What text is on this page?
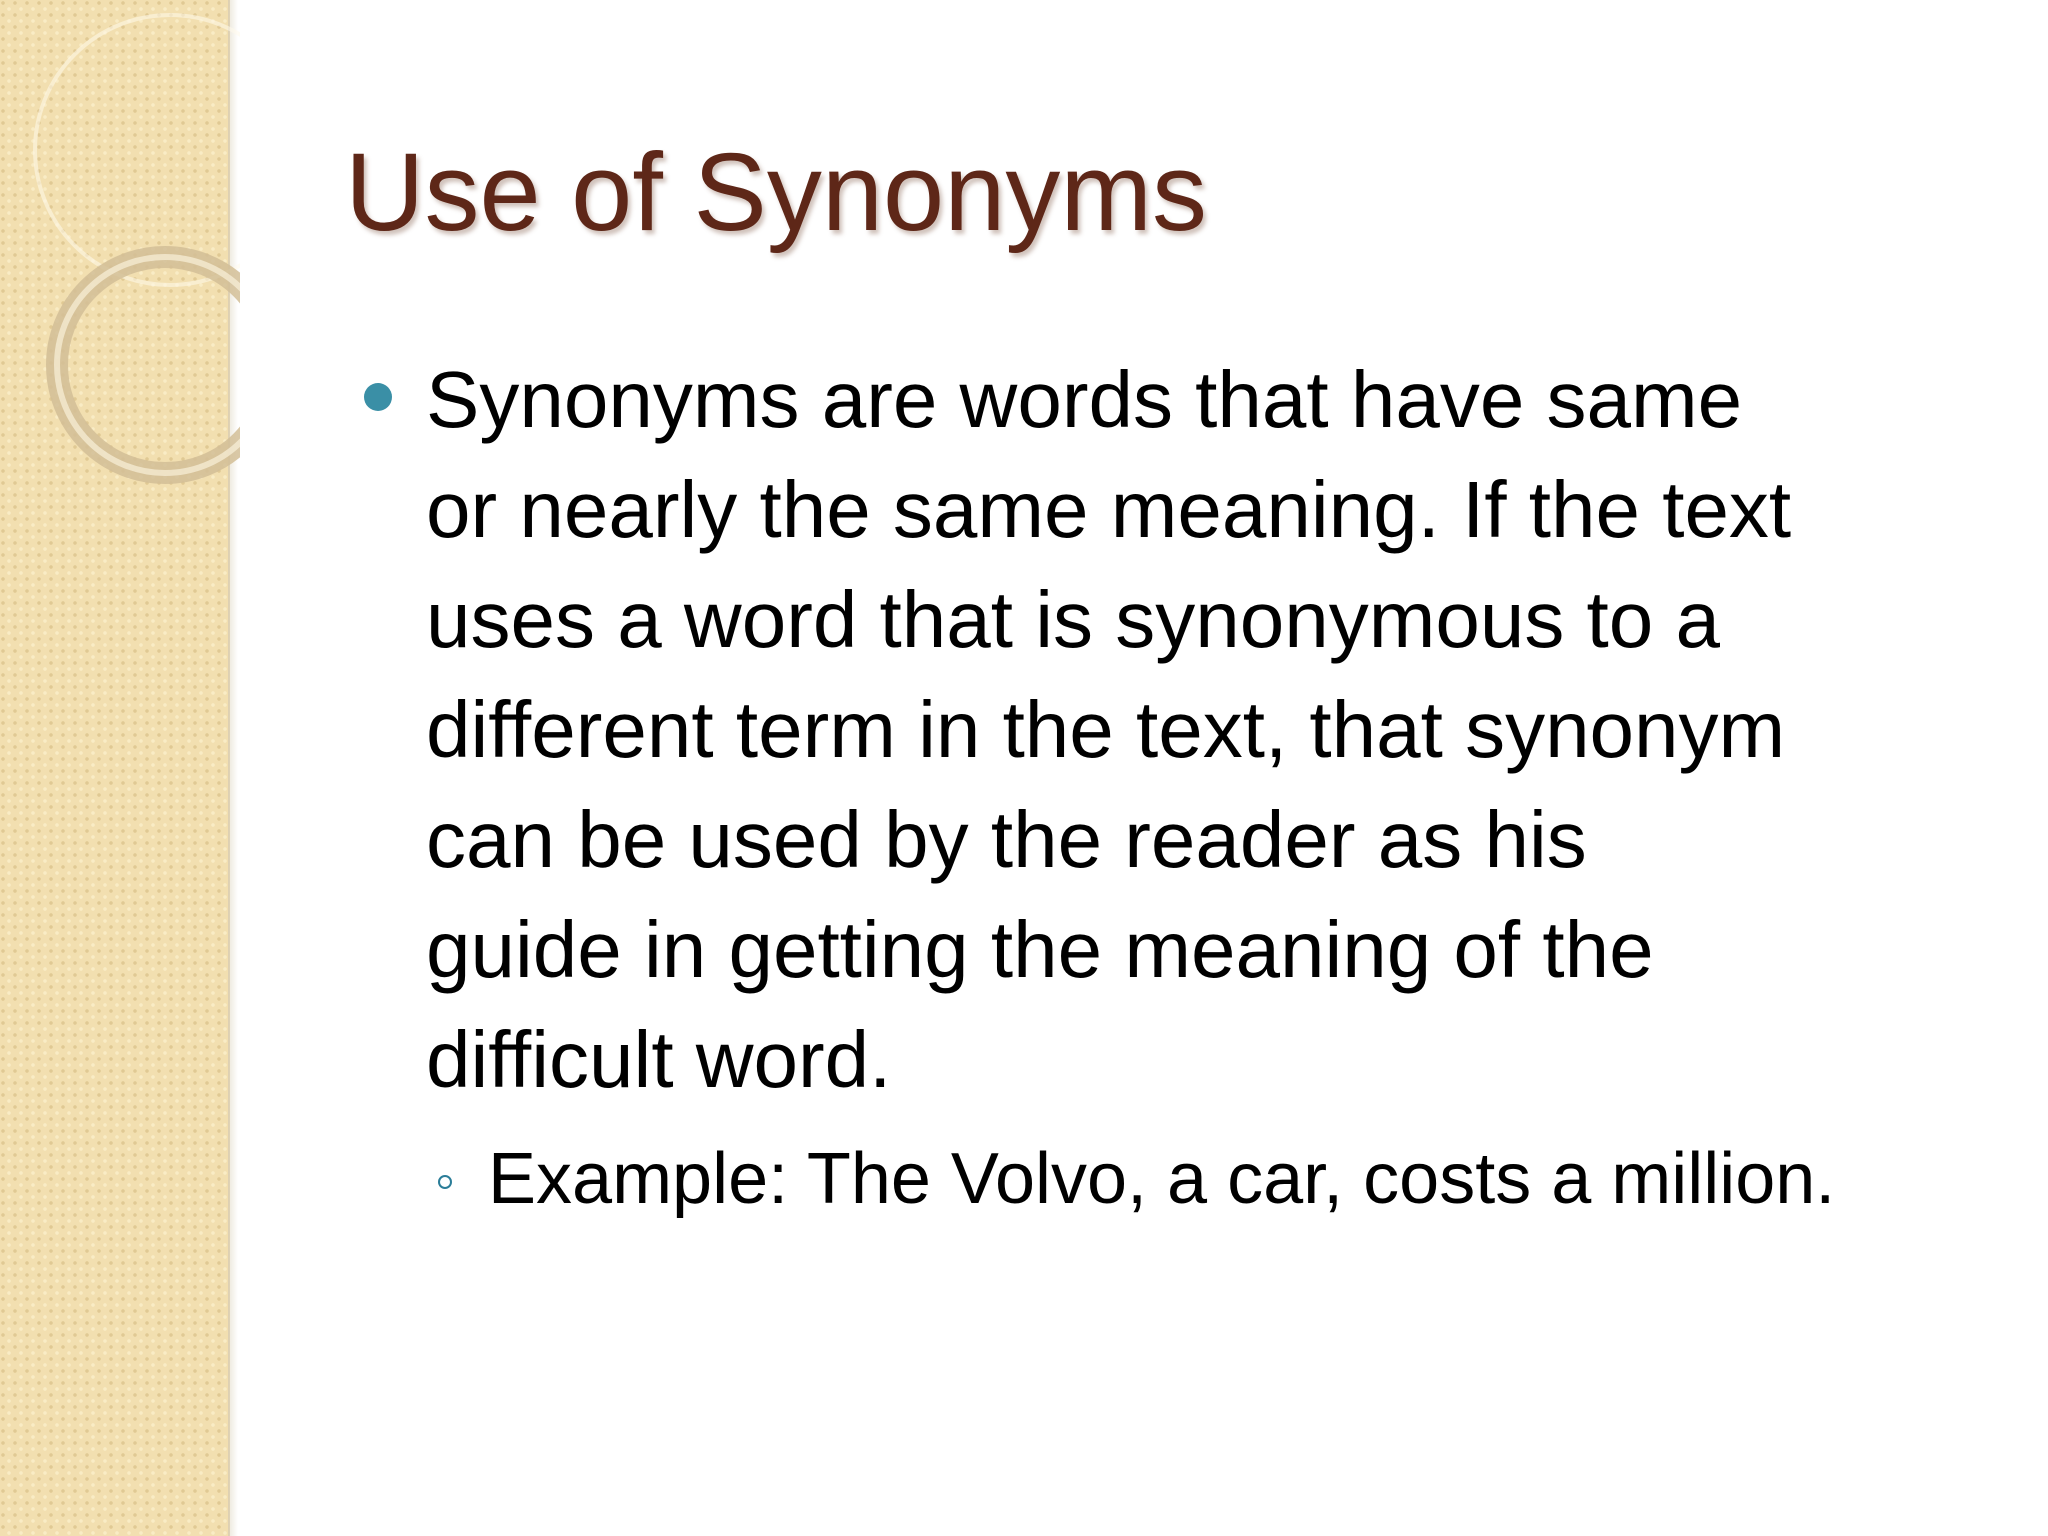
Use of Synonyms
Synonyms are words that have same
or nearly the same meaning. If the text
uses a word that is synonymous to a
different term in the text, that synonym
can be used by the reader as his
guide in getting the meaning of the
difficult word.
Example: The Volvo, a car, costs a million.
